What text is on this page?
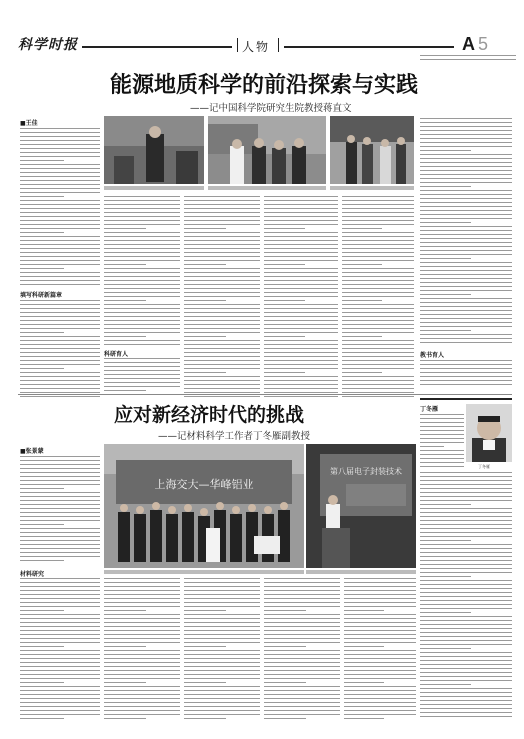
科学时报	人物	A 5
能源地质科学的前沿探索与实践
——记中国科学院研究生院教授蒋直文
■王佳
填写科研新篇章
科研育人	教书育人
应对新经济时代的挑战
——记材料科学工作者丁冬雁副教授
■张景蒙
材料研究
上海交大—华峰铝业
第八届电子封装技术
丁冬雁
丁冬雁
